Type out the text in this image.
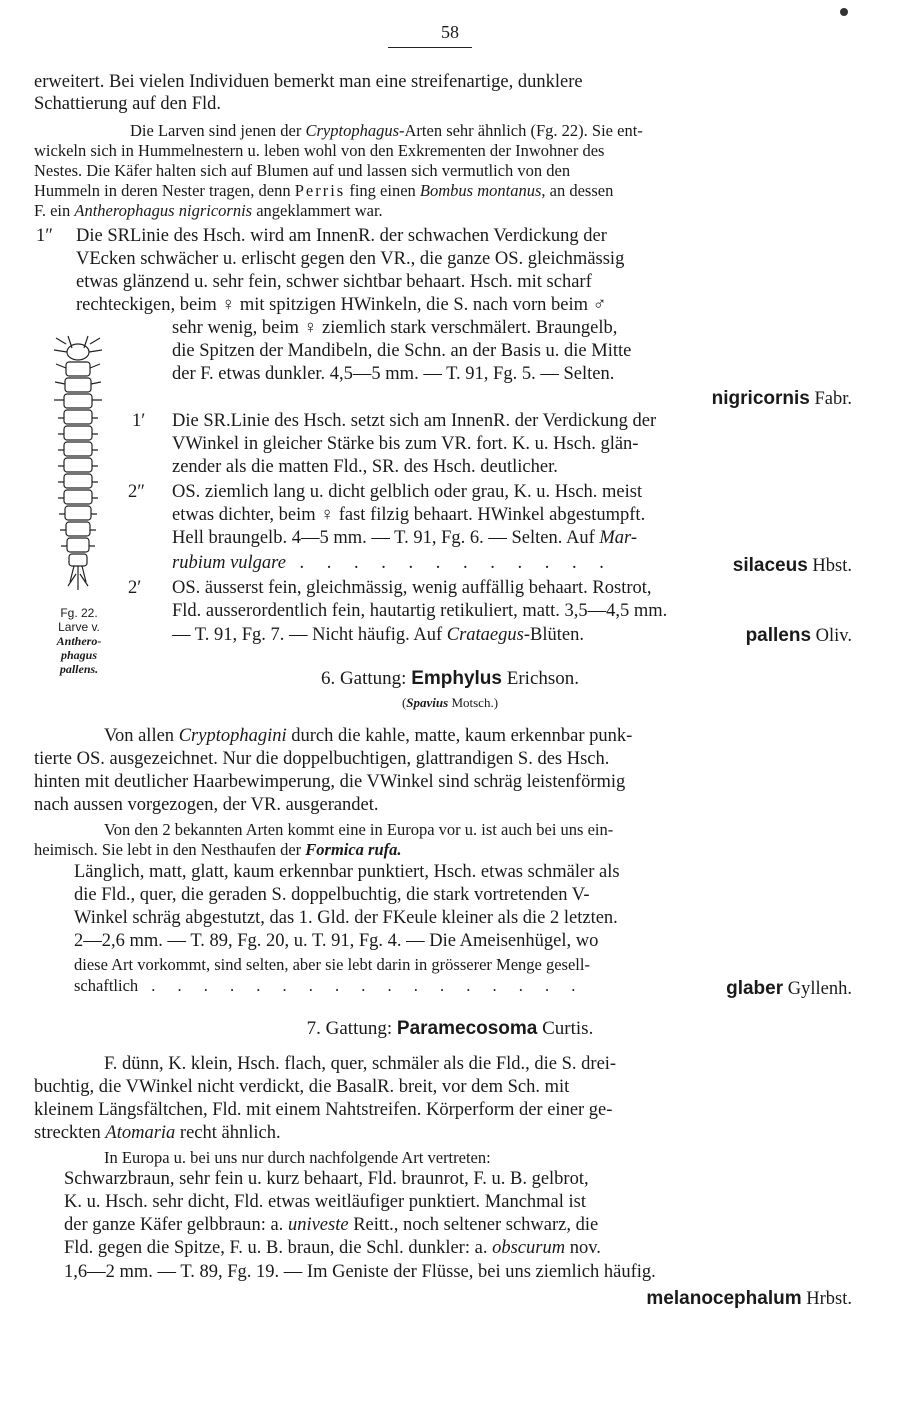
58
erweitert. Bei vielen Individuen bemerkt man eine streifenartige, dunklere
Schattierung auf den Fld.
Die Larven sind jenen der Cryptophagus-Arten sehr ähnlich (Fg. 22). Sie ent-
wickeln sich in Hummelnestern u. leben wohl von den Exkrementen der Inwohner des
Nestes. Die Käfer halten sich auf Blumen auf und lassen sich vermutlich von den
Hummeln in deren Nester tragen, denn Perris fing einen Bombus montanus, an dessen
F. ein Antherophagus nigricornis angeklammert war.
1″ Die SRLinie des Hsch. wird am InnenR. der schwachen Verdickung der
VEcken schwächer u. erlischt gegen den VR., die ganze OS. gleichmässig
etwas glänzend u. sehr fein, schwer sichtbar behaart. Hsch. mit scharf
rechteckigen, beim ♀ mit spitzigen HWinkeln, die S. nach vorn beim ♂
sehr wenig, beim ♀ ziemlich stark verschmälert. Braungelb,
die Spitzen der Mandibeln, die Schn. an der Basis u. die Mitte
der F. etwas dunkler. 4,5—5 mm. — T. 91, Fg. 5. — Selten.
nigricornis Fabr.
1′ Die SR.Linie des Hsch. setzt sich am InnenR. der Verdickung der
VWinkel in gleicher Stärke bis zum VR. fort. K. u. Hsch. glän-
zender als die matten Fld., SR. des Hsch. deutlicher.
2″ OS. ziemlich lang u. dicht gelblich oder grau, K. u. Hsch. meist
etwas dichter, beim ♀ fast filzig behaart. HWinkel abgestumpft.
Hell braungelb. 4—5 mm. — T. 91, Fg. 6. — Selten. Auf Mar-
rubium vulgare . . . . . . . . . . . .	silaceus Hbst.
2′ OS. äusserst fein, gleichmässig, wenig auffällig behaart. Rostrot,
Fld. ausserordentlich fein, hautartig retikuliert, matt. 3,5—4,5 mm.
— T. 91, Fg. 7. — Nicht häufig. Auf Crataegus-Blüten.	pallens Oliv.
Fg. 22.
Larve v.
Anthero-
phagus
pallens.	6. Gattung: Emphylus Erichson.
(Spavius Motsch.)
Von allen Cryptophagini durch die kahle, matte, kaum erkennbar punk-
tierte OS. ausgezeichnet. Nur die doppelbuchtigen, glattrandigen S. des Hsch.
hinten mit deutlicher Haarbewimperung, die VWinkel sind schräg leistenförmig
nach aussen vorgezogen, der VR. ausgerandet.
Von den 2 bekannten Arten kommt eine in Europa vor u. ist auch bei uns ein-
heimisch. Sie lebt in den Nesthaufen der Formica rufa.
Länglich, matt, glatt, kaum erkennbar punktiert, Hsch. etwas schmäler als
die Fld., quer, die geraden S. doppelbuchtig, die stark vortretenden V-
Winkel schräg abgestutzt, das 1. Gld. der FKeule kleiner als die 2 letzten.
2—2,6 mm. — T. 89, Fg. 20, u. T. 91, Fg. 4. — Die Ameisenhügel, wo
diese Art vorkommt, sind selten, aber sie lebt darin in grösserer Menge gesell-
schaftlich . . . . . . . . . . . . . . . . .	glaber Gyllenh.
7. Gattung: Paramecosoma Curtis.
F. dünn, K. klein, Hsch. flach, quer, schmäler als die Fld., die S. drei-
buchtig, die VWinkel nicht verdickt, die BasalR. breit, vor dem Sch. mit
kleinem Längsfältchen, Fld. mit einem Nahtstreifen. Körperform der einer ge-
streckten Atomaria recht ähnlich.
In Europa u. bei uns nur durch nachfolgende Art vertreten:
Schwarzbraun, sehr fein u. kurz behaart, Fld. braunrot, F. u. B. gelbrot,
K. u. Hsch. sehr dicht, Fld. etwas weitläufiger punktiert. Manchmal ist
der ganze Käfer gelbbraun: a. univeste Reitt., noch seltener schwarz, die
Fld. gegen die Spitze, F. u. B. braun, die Schl. dunkler: a. obscurum nov.
1,6—2 mm. — T. 89, Fg. 19. — Im Geniste der Flüsse, bei uns ziemlich häufig.
melanocephalum Hrbst.
